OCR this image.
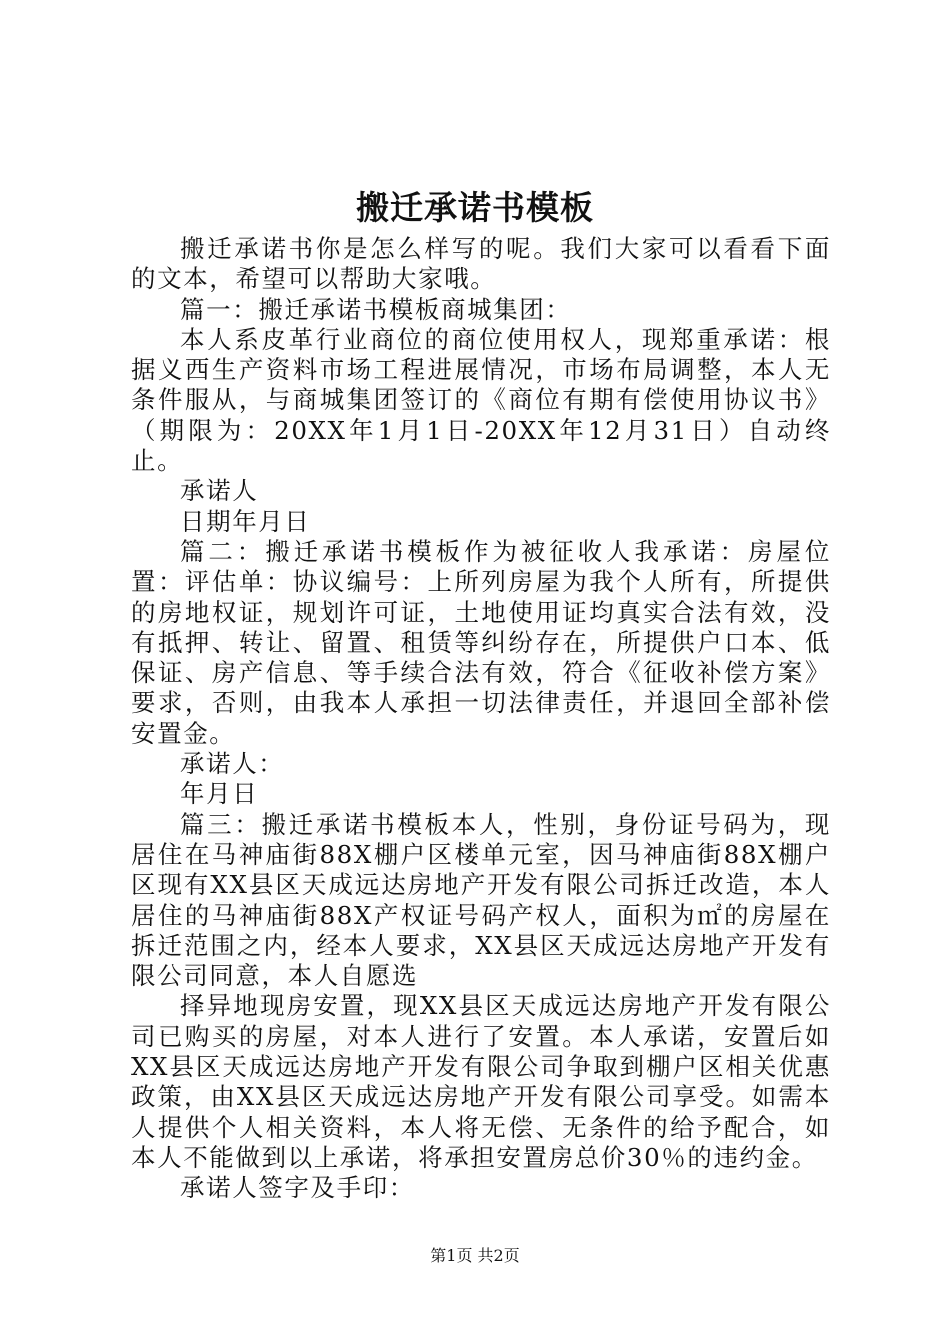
搬迁承诺书模板

搬迁承诺书你是怎么样写的呢。我们大家可以看看下面的文本，希望可以帮助大家哦。

篇一：搬迁承诺书模板商城集团：

本人系皮革行业商位的商位使用权人，现郑重承诺：根据义西生产资料市场工程进展情况，市场布局调整，本人无条件服从，与商城集团签订的《商位有期有偿使用协议书》（期限为：20XX年1月1日-20XX年12月31日）自动终止。

承诺人

日期年月日

篇二：搬迁承诺书模板作为被征收人我承诺：房屋位置：评估单：协议编号：上所列房屋为我个人所有，所提供的房地权证，规划许可证，土地使用证均真实合法有效，没有抵押、转让、留置、租赁等纠纷存在，所提供户口本、低保证、房产信息、等手续合法有效，符合《征收补偿方案》要求，否则，由我本人承担一切法律责任，并退回全部补偿安置金。

承诺人：

年月日

篇三：搬迁承诺书模板本人，性别，身份证号码为，现居住在马神庙街88X棚户区楼单元室，因马神庙街88X棚户区现有XX县区天成远达房地产开发有限公司拆迁改造，本人居住的马神庙街88X产权证号码产权人，面积为㎡的房屋在拆迁范围之内，经本人要求，XX县区天成远达房地产开发有限公司同意，本人自愿选

择异地现房安置，现XX县区天成远达房地产开发有限公司已购买的房屋，对本人进行了安置。本人承诺，安置后如XX县区天成远达房地产开发有限公司争取到棚户区相关优惠政策，由XX县区天成远达房地产开发有限公司享受。如需本人提供个人相关资料，本人将无偿、无条件的给予配合，如本人不能做到以上承诺，将承担安置房总价30％的违约金。

承诺人签字及手印：

第1页 共2页
